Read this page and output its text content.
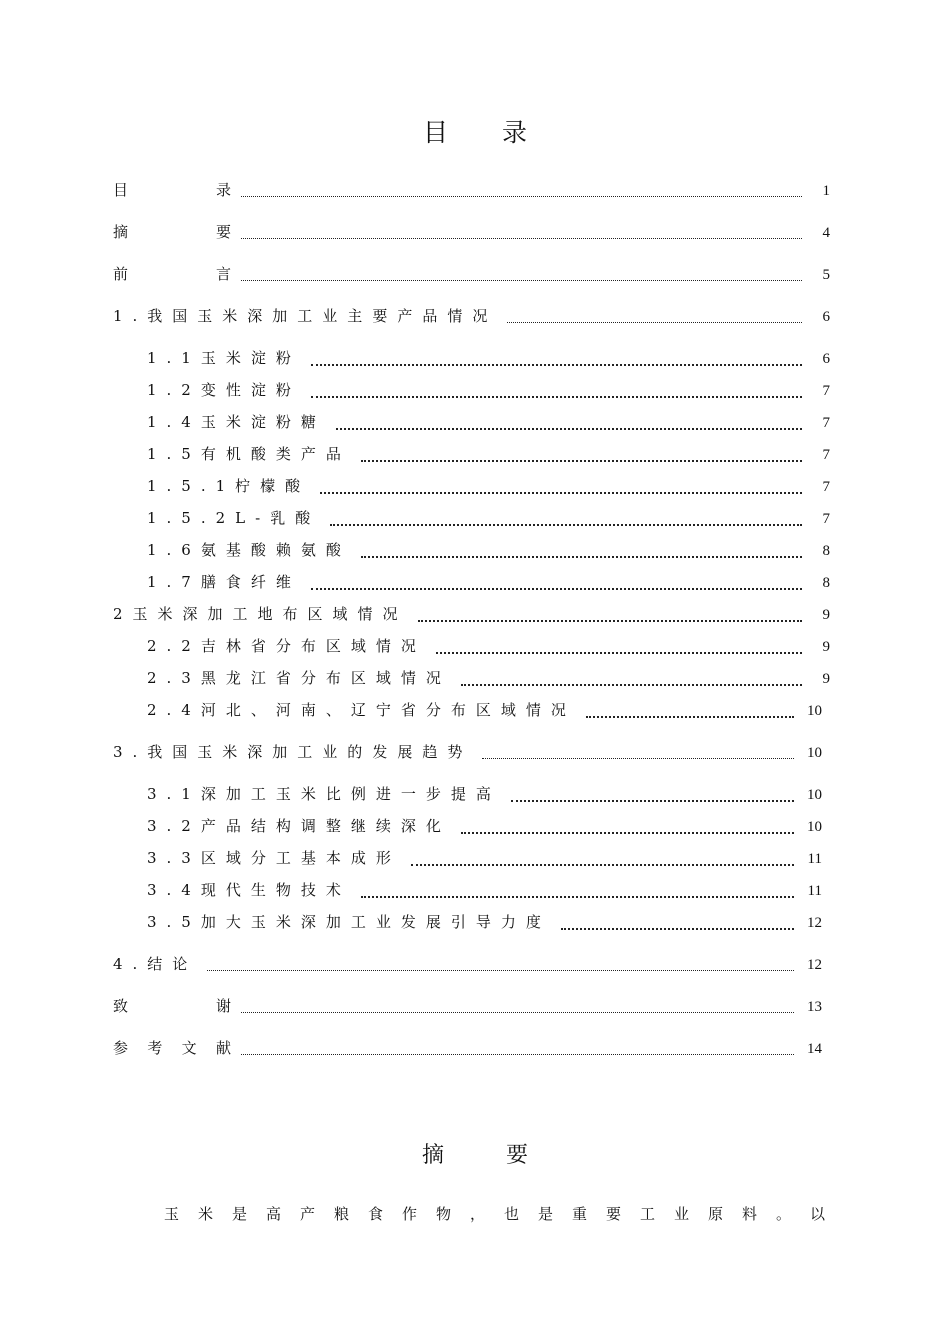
目录
目	录	1
摘	要	4
前	言	5
1.我国玉米深加工业主要产品情况	6
1.1玉米淀粉	6
1.2变性淀粉	7
1.4玉米淀粉糖	7
1.5有机酸类产品	7
1.5.1柠檬酸	7
1.5.2L-乳酸	7
1.6氨基酸赖氨酸	8
1.7膳食纤维	8
2玉米深加工地布区域情况	9
2.2吉林省分布区域情况	9
2.3黑龙江省分布区域情况	9
2.4河北、河南、辽宁省分布区域情况	10
3.我国玉米深加工业的发展趋势	10
3.1深加工玉米比例进一步提高	10
3.2产品结构调整继续深化	10
3.3区域分工基本成形	11
3.4现代生物技术	11
3.5加大玉米深加工业发展引导力度	12
4.结论	12
致	谢	13
参 考 文 献	14
摘要
玉米是高产粮食作物，也是重要工业原料。以
